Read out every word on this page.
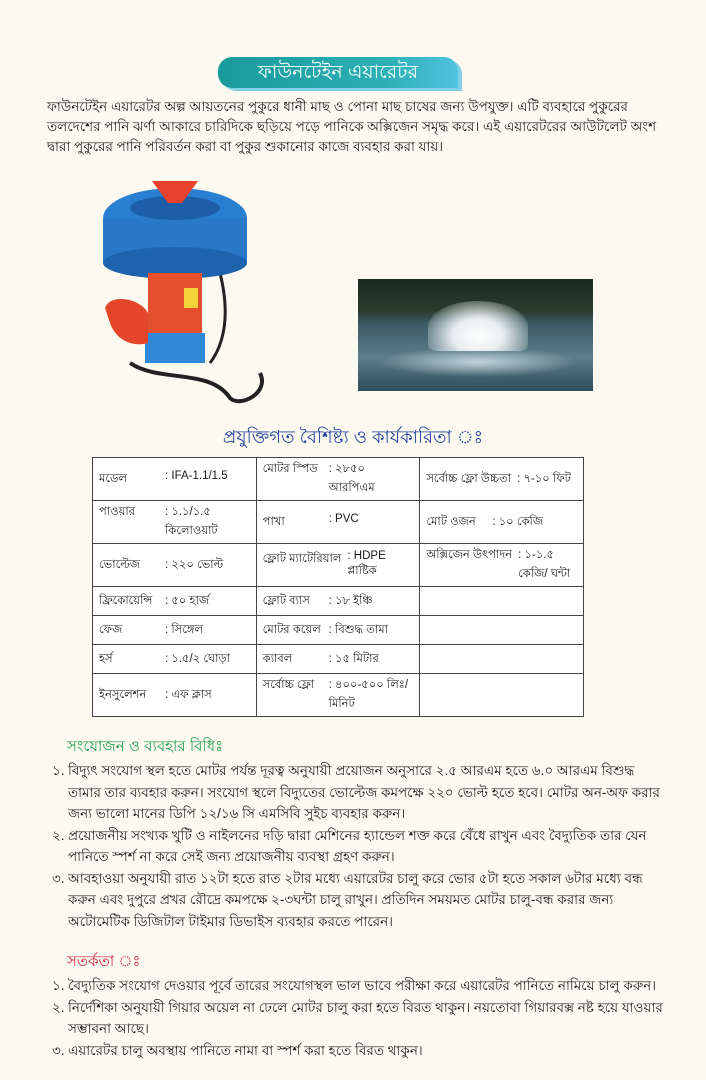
ফাউনটেইন এয়ারেটর
ফাউনটেইন এয়ারেটর অল্প আয়তনের পুকুরে ধানী মাছ ও পোনা মাছ চাষের জন্য উপযুক্ত। এটি ব্যবহারে পুকুরের তলদেশের পানি ঝর্ণা আকারে চারিদিকে ছড়িয়ে পড়ে পানিকে অক্সিজেন সমৃদ্ধ করে। এই এয়ারেটরের আউটলেট অংশ দ্বারা পুকুরের পানি পরিবর্তন করা বা পুকুর শুকানোর কাজে ব্যবহার করা যায়।
প্রযুক্তিগত বৈশিষ্ট্য ও কার্যকারিতা ঃ
মডেল : IFA-1.1/1.5	মোটর স্পিড : ২৮৫০ আরপিএম	সর্বোচ্চ ফ্লো উচ্চতা : ৭-১০ ফিট

পাওয়ার : ১.১/১.৫ কিলোওয়াট	পাখা : PVC	মোট ওজন : ১০ কেজি

ভোল্টেজ : ২২০ ভোল্ট	ফ্লোট ম্যাটেরিয়াল : HDPE প্লাষ্টিক	অক্সিজেন উৎপাদন : ১-১.৫ কেজি/ ঘন্টা

ফ্রিকোয়েন্সি : ৫০ হার্জ	ফ্লোট ব্যাস : ১৮ ইঞ্চি	

ফেজ : সিঙ্গেল	মোটর কয়েল : বিশুদ্ধ তামা	

হর্স : ১.৫/২ ঘোড়া	ক্যাবল : ১৫ মিটার	

ইনসুলেশন : এফ ক্লাস	সর্বোচ্চ ফ্লো : ৪০০-৫০০ লিঃ/ মিনিট	

সংযোজন ও ব্যবহার বিধিঃ
১. বিদ্যুৎ সংযোগ স্থল হতে মোটর পর্যন্ত দূরত্ব অনুযায়ী প্রয়োজন অনুসারে ২.৫ আরএম হতে ৬.০ আরএম বিশুদ্ধ তামার তার ব্যবহার করুন। সংযোগ স্থলে বিদ্যুতের ভোল্টেজ কমপক্ষে ২২০ ভোল্ট হতে হবে। মোটর অন-অফ করার জন্য ভালো মানের ডিপি ১২/১৬ সি এমসিবি সুইচ ব্যবহার করুন।
২. প্রয়োজনীয় সংখ্যক খুটি ও নাইলনের দড়ি দ্বারা মেশিনের হ্যান্ডেল শক্ত করে বেঁধে রাখুন এবং বৈদ্যুতিক তার যেন পানিতে স্পর্শ না করে সেই জন্য প্রয়োজনীয় ব্যবস্থা গ্রহণ করুন।
৩. আবহাওয়া অনুযায়ী রাত ১২টা হতে রাত ২টার মধ্যে এয়ারেটর চালু করে ভোর ৫টা হতে সকাল ৬টার মধ্যে বন্ধ করুন এবং দুপুরে প্রখর রৌদ্রে কমপক্ষে ২-৩ঘন্টা চালু রাখুন। প্রতিদিন সময়মত মোটর চালু-বন্ধ করার জন্য অটোমেটিক ডিজিটাল টাইমার ডিভাইস ব্যবহার করতে পারেন।
সতর্কতা ঃ
১. বৈদ্যুতিক সংযোগ দেওয়ার পূর্বে তারের সংযোগস্থল ভাল ভাবে পরীক্ষা করে এয়ারেটর পানিতে নামিয়ে চালু করুন।
২. নির্দেশিকা অনুযায়ী গিয়ার অয়েল না ঢেলে মোটর চালু করা হতে বিরত থাকুন। নয়তোবা গিয়ারবক্স নষ্ট হয়ে যাওয়ার সম্ভাবনা আছে।
৩. এয়ারেটর চালু অবস্থায় পানিতে নামা বা স্পর্শ করা হতে বিরত থাকুন।
